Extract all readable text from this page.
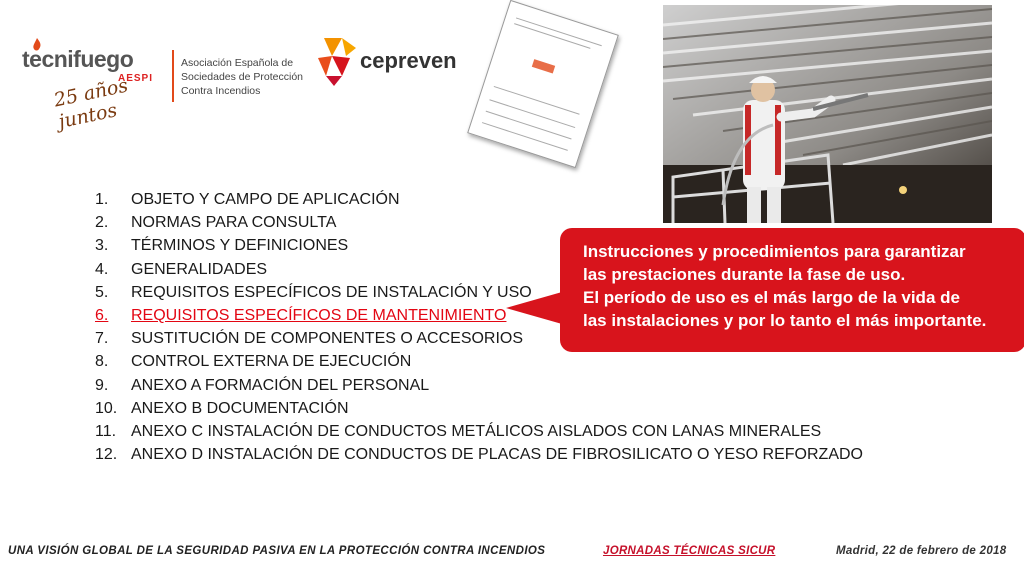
tecnifuego
AESPI
25 años juntos
Asociación Española de
Sociedades de Protección
Contra Incendios
cepreven
1.	OBJETO Y CAMPO DE APLICACIÓN
2.	NORMAS PARA CONSULTA
3.	TÉRMINOS Y DEFINICIONES
4.	GENERALIDADES
5.	REQUISITOS ESPECÍFICOS DE INSTALACIÓN Y USO
6.	REQUISITOS ESPECÍFICOS DE MANTENIMIENTO
7.	SUSTITUCIÓN DE COMPONENTES O ACCESORIOS
8.	CONTROL EXTERNA DE EJECUCIÓN
9.	ANEXO A FORMACIÓN DEL PERSONAL
10. ANEXO B DOCUMENTACIÓN
11. ANEXO C INSTALACIÓN DE CONDUCTOS METÁLICOS AISLADOS CON LANAS MINERALES
12. ANEXO D INSTALACIÓN DE CONDUCTOS DE PLACAS DE FIBROSILICATO O YESO REFORZADO
Instrucciones y procedimientos para garantizar
las prestaciones durante la fase de uso.
El período de uso es el más largo de la vida de
las instalaciones y por lo tanto el más importante.
UNA VISIÓN GLOBAL DE LA SEGURIDAD PASIVA EN LA PROTECCIÓN CONTRA INCENDIOS	JORNADAS TÉCNICAS SICUR	Madrid, 22 de febrero de 2018
